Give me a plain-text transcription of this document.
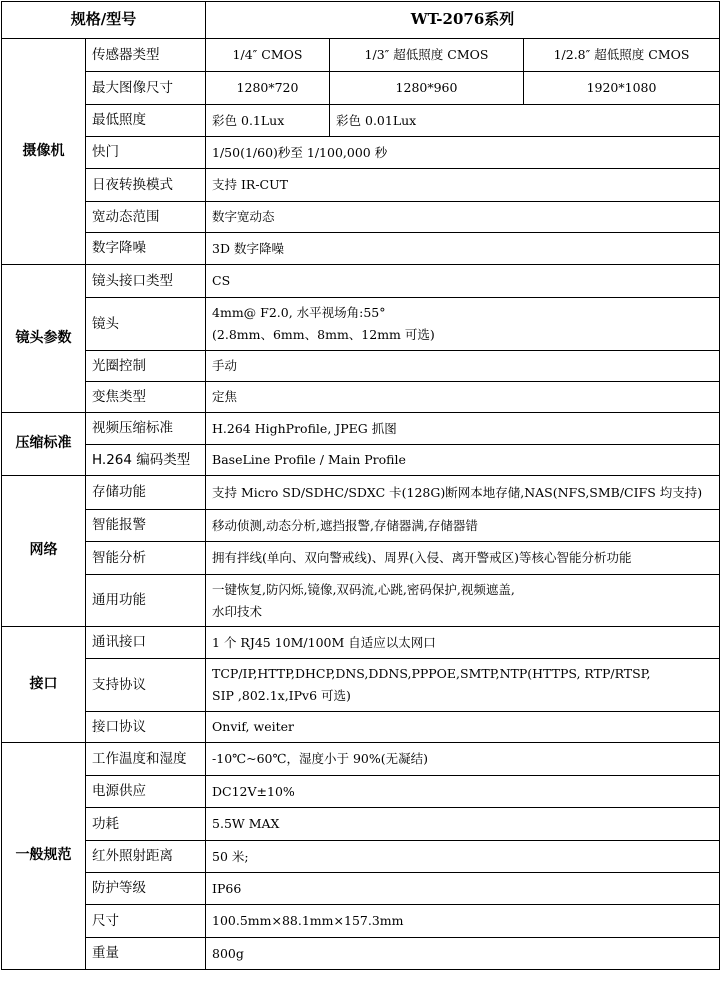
规格/型号		WT-2076系列		
摄像机	传感器类型	1/4″ CMOS	1/3″ 超低照度 CMOS	1/2.8″ 超低照度 CMOS
	最大图像尺寸	1280*720	1280*960	1920*1080
	最低照度	彩色 0.1Lux	彩色 0.01Lux	
	快门	1/50(1/60)秒至 1/100,000 秒		
	日夜转换模式	支持 IR-CUT		
	宽动态范围	数字宽动态		
	数字降噪	3D 数字降噪		
镜头参数	镜头接口类型	CS		
	镜头	4mm@ F2.0, 水平视场角:55°
(2.8mm、6mm、8mm、12mm 可选)		

	光圈控制	手动		
	变焦类型	定焦		
压缩标准	视频压缩标准	H.264 HighProfile, JPEG 抓图		
	H.264 编码类型	BaseLine Profile / Main Profile		
网络	存储功能	支持 Micro SD/SDHC/SDXC 卡(128G)断网本地存储,NAS(NFS,SMB/CIFS 均支持)		
	智能报警	移动侦测,动态分析,遮挡报警,存储器满,存储器错		
	智能分析	拥有拌线(单向、双向警戒线)、周界(入侵、离开警戒区)等核心智能分析功能		
	通用功能	一键恢复,防闪烁,镜像,双码流,心跳,密码保护,视频遮盖,
水印技术		

接口	通讯接口	1 个 RJ45 10M/100M 自适应以太网口		
	支持协议	TCP/IP,HTTP,DHCP,DNS,DDNS,PPPOE,SMTP,NTP(HTTPS, RTP/RTSP,
SIP ,802.1x,IPv6 可选)		

	接口协议	Onvif, weiter		
一般规范	工作温度和湿度	-10℃~60℃，湿度小于 90%(无凝结)		
	电源供应	DC12V±10%		
	功耗	5.5W MAX		
	红外照射距离	50 米;		
	防护等级	IP66		
	尺寸	100.5mm×88.1mm×157.3mm		
	重量	800g		
